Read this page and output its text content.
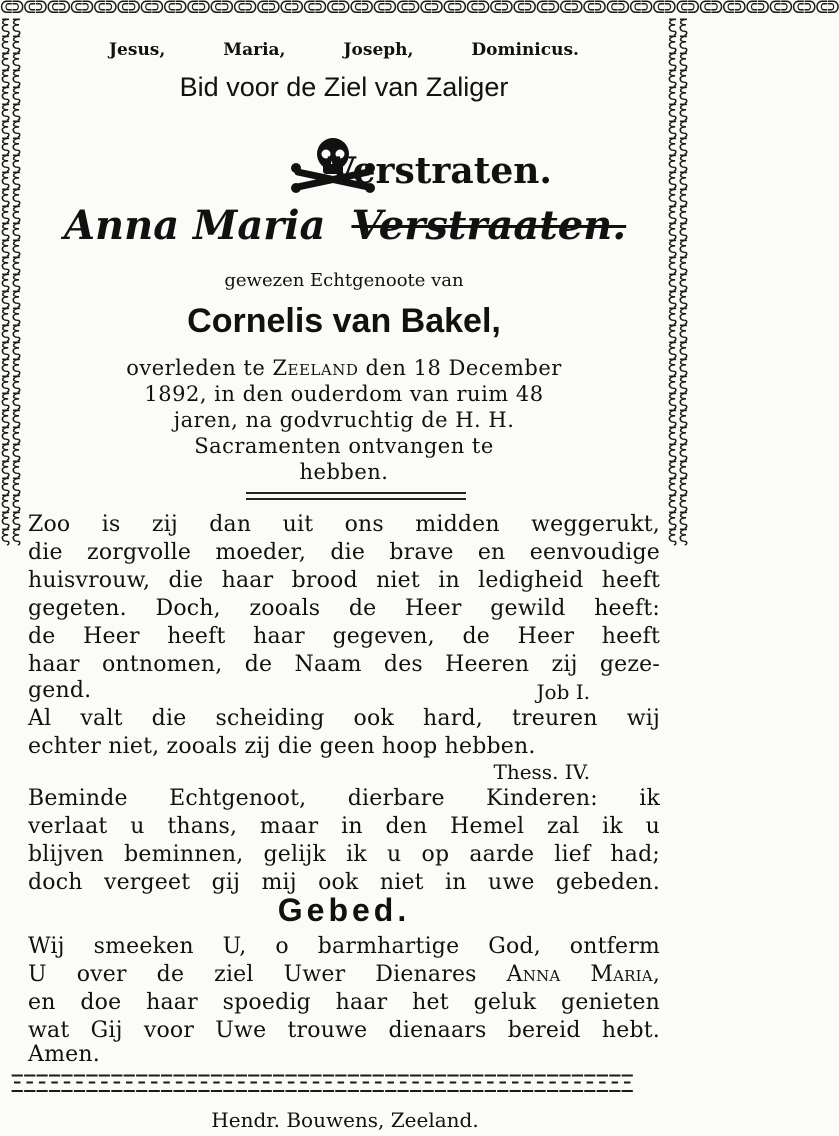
ᕳᕲᕳᕲᕳᕲᕳᕲᕳᕲᕳᕲᕳᕲᕳᕲᕳᕲᕳᕲᕳᕲᕳᕲᕳᕲᕳᕲᕳᕲᕳᕲᕳᕲᕳᕲᕳᕲᕳᕲᕳᕲᕳᕲᕳᕲᕳᕲᕳᕲᕳᕲᕳᕲᕳᕲᕳᕲᕳᕲᕳᕲᕳᕲᕳᕲᕳᕲᕳᕲᕳᕲ
ξξξξξξξξξξξξξξξξξξξξξξξξξξξξξξξξξξξξξξξξξξξξξξξξξξξξξξξξξξξξξξ
ξξξξξξξξξξξξξξξξξξξξξξξξξξξξξξξξξξξξξξξξξξξξξξξξξξξξξξξξξξξξξξ
ΞΞΞΞΞΞΞΞΞΞΞΞΞΞΞΞΞΞΞΞΞΞΞΞΞΞΞΞΞΞΞΞΞΞΞΞΞΞΞΞΞΞΞΞΞΞΞΞΞΞ
Jesus,	Maria,	Joseph,	Dominicus.
Bid voor de Ziel van Zaliger
Verstraten.
Anna Maria Verstraaten.
gewezen Echtgenoote van
Cornelis van Bakel,
overleden te Zeeland den 18 December
1892, in den ouderdom van ruim 48
jaren, na godvruchtig de H. H.
Sacramenten ontvangen te
hebben.
Zoo is zij dan uit ons midden weggerukt,
die zorgvolle moeder, die brave en eenvoudige
huisvrouw, die haar brood niet in ledigheid heeft
gegeten. Doch, zooals de Heer gewild heeft:
de Heer heeft haar gegeven, de Heer heeft
haar ontnomen, de Naam des Heeren zij geze-
gend.	Job I.
Al valt die scheiding ook hard, treuren wij
echter niet, zooals zij die geen hoop hebben.
Thess. IV.
Beminde Echtgenoot, dierbare Kinderen: ik
verlaat u thans, maar in den Hemel zal ik u
blijven beminnen, gelijk ik u op aarde lief had;
doch vergeet gij mij ook niet in uwe gebeden.
Gebed.
Wij smeeken U, o barmhartige God, ontferm
U over de ziel Uwer Dienares Anna Maria,
en doe haar spoedig haar het geluk genieten
wat Gij voor Uwe trouwe dienaars bereid hebt.
Amen.
Hendr. Bouwens, Zeeland.
